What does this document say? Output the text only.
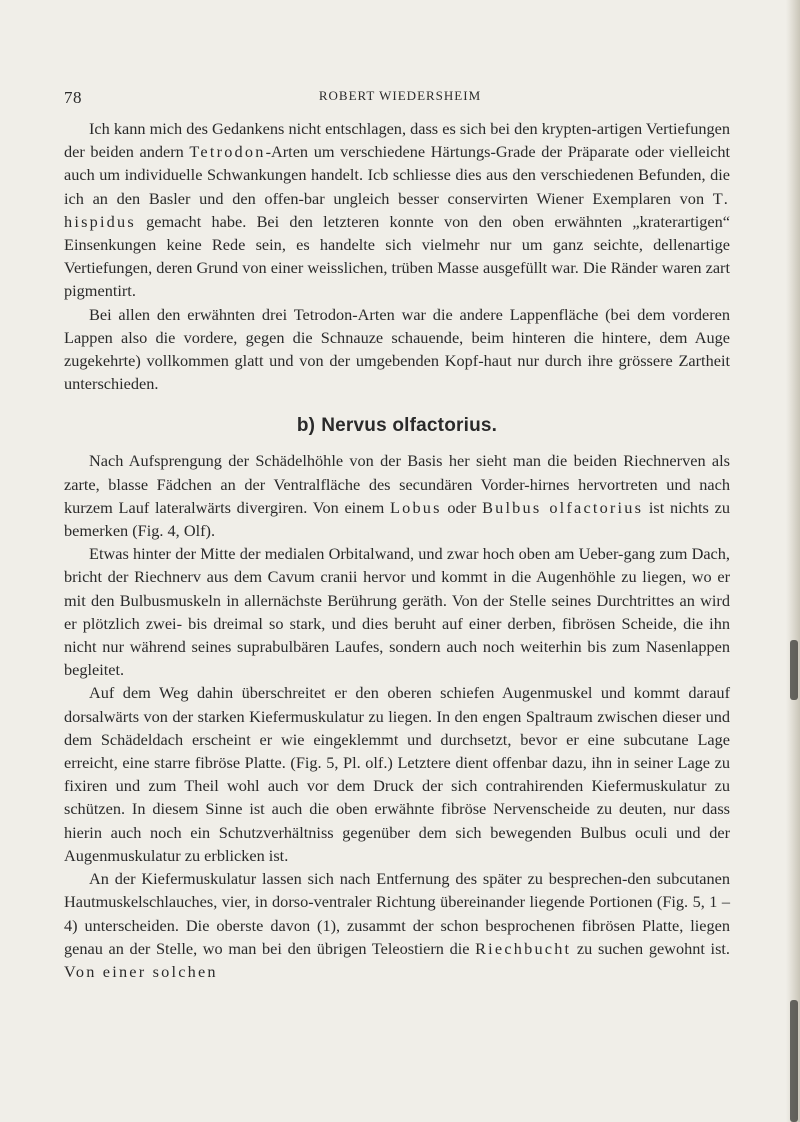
78	ROBERT WIEDERSHEIM

Ich kann mich des Gedankens nicht entschlagen, dass es sich bei den krypten-artigen Vertiefungen der beiden andern Tetrodon-Arten um verschiedene Härtungs-Grade der Präparate oder vielleicht auch um individuelle Schwankungen handelt. Icb schliesse dies aus den verschiedenen Befunden, die ich an den Basler und den offen-bar ungleich besser conservirten Wiener Exemplaren von T. hispidus gemacht habe. Bei den letzteren konnte von den oben erwähnten „kraterartigen“ Einsenkungen keine Rede sein, es handelte sich vielmehr nur um ganz seichte, dellenartige Vertiefungen, deren Grund von einer weisslichen, trüben Masse ausgefüllt war. Die Ränder waren zart pigmentirt.

Bei allen den erwähnten drei Tetrodon-Arten war die andere Lappenfläche (bei dem vorderen Lappen also die vordere, gegen die Schnauze schauende, beim hinteren die hintere, dem Auge zugekehrte) vollkommen glatt und von der umgebenden Kopf-haut nur durch ihre grössere Zartheit unterschieden.

b) Nervus olfactorius.

Nach Aufsprengung der Schädelhöhle von der Basis her sieht man die beiden Riechnerven als zarte, blasse Fädchen an der Ventralfläche des secundären Vorder-hirnes hervortreten und nach kurzem Lauf lateralwärts divergiren. Von einem Lobus oder Bulbus olfactorius ist nichts zu bemerken (Fig. 4, Olf).

Etwas hinter der Mitte der medialen Orbitalwand, und zwar hoch oben am Ueber-gang zum Dach, bricht der Riechnerv aus dem Cavum cranii hervor und kommt in die Augenhöhle zu liegen, wo er mit den Bulbusmuskeln in allernächste Berührung geräth. Von der Stelle seines Durchtrittes an wird er plötzlich zwei- bis dreimal so stark, und dies beruht auf einer derben, fibrösen Scheide, die ihn nicht nur während seines suprabulbären Laufes, sondern auch noch weiterhin bis zum Nasenlappen begleitet.

Auf dem Weg dahin überschreitet er den oberen schiefen Augenmuskel und kommt darauf dorsalwärts von der starken Kiefermuskulatur zu liegen. In den engen Spaltraum zwischen dieser und dem Schädeldach erscheint er wie eingeklemmt und durchsetzt, bevor er eine subcutane Lage erreicht, eine starre fibröse Platte. (Fig. 5, Pl. olf.) Letztere dient offenbar dazu, ihn in seiner Lage zu fixiren und zum Theil wohl auch vor dem Druck der sich contrahirenden Kiefermuskulatur zu schützen. In diesem Sinne ist auch die oben erwähnte fibröse Nervenscheide zu deuten, nur dass hierin auch noch ein Schutzverhältniss gegenüber dem sich bewegenden Bulbus oculi und der Augenmuskulatur zu erblicken ist.

An der Kiefermuskulatur lassen sich nach Entfernung des später zu besprechen-den subcutanen Hautmuskelschlauches, vier, in dorso-ventraler Richtung übereinander liegende Portionen (Fig. 5, 1 – 4) unterscheiden. Die oberste davon (1), zusammt der schon besprochenen fibrösen Platte, liegen genau an der Stelle, wo man bei den übrigen Teleostiern die Riechbucht zu suchen gewohnt ist. Von einer solchen
